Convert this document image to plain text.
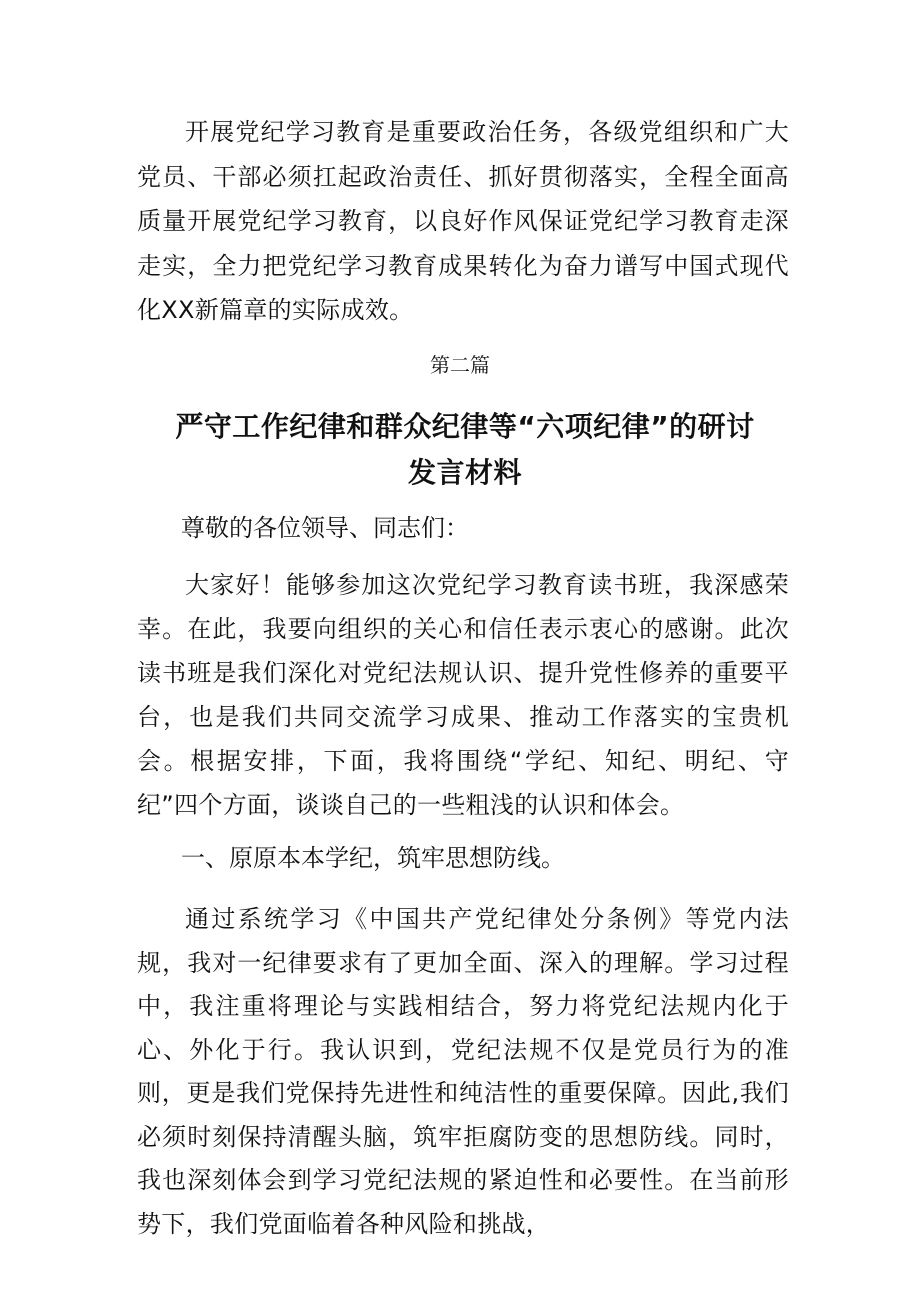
开展党纪学习教育是重要政治任务，各级党组织和广大党员、干部必须扛起政治责任、抓好贯彻落实，全程全面高质量开展党纪学习教育，以良好作风保证党纪学习教育走深走实，全力把党纪学习教育成果转化为奋力谱写中国式现代化XX新篇章的实际成效。

第二篇

严守工作纪律和群众纪律等“六项纪律”的研讨发言材料

尊敬的各位领导、同志们：

大家好！能够参加这次党纪学习教育读书班，我深感荣幸。在此，我要向组织的关心和信任表示衷心的感谢。此次读书班是我们深化对党纪法规认识、提升党性修养的重要平台，也是我们共同交流学习成果、推动工作落实的宝贵机会。根据安排，下面，我将围绕“学纪、知纪、明纪、守纪”四个方面，谈谈自己的一些粗浅的认识和体会。

一、原原本本学纪，筑牢思想防线。

通过系统学习《中国共产党纪律处分条例》等党内法规，我对一纪律要求有了更加全面、深入的理解。学习过程中，我注重将理论与实践相结合，努力将党纪法规内化于心、外化于行。我认识到，党纪法规不仅是党员行为的准则，更是我们党保持先进性和纯洁性的重要保障。因此,我们必须时刻保持清醒头脑，筑牢拒腐防变的思想防线。同时，我也深刻体会到学习党纪法规的紧迫性和必要性。在当前形势下，我们党面临着各种风险和挑战，
